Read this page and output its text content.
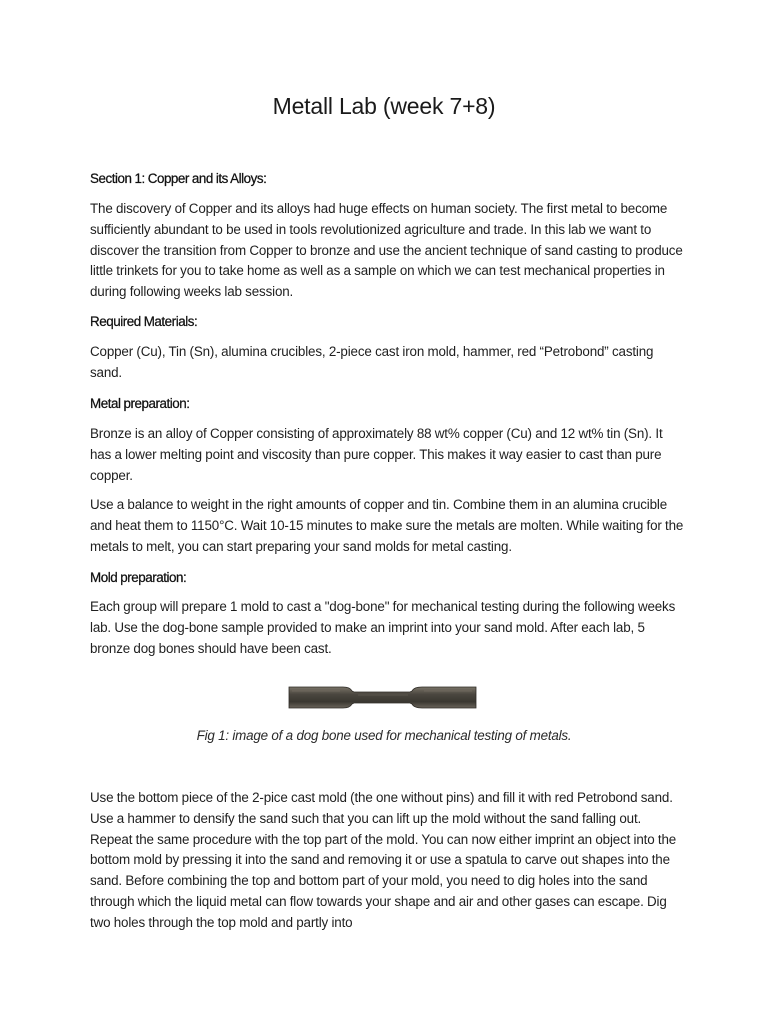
Metall Lab (week 7+8)

Section 1: Copper and its Alloys:

The discovery of Copper and its alloys had huge effects on human society. The first metal to become sufficiently abundant to be used in tools revolutionized agriculture and trade. In this lab we want to discover the transition from Copper to bronze and use the ancient technique of sand casting to produce little trinkets for you to take home as well as a sample on which we can test mechanical properties in during following weeks lab session.

Required Materials:

Copper (Cu), Tin (Sn), alumina crucibles, 2-piece cast iron mold, hammer, red “Petrobond” casting sand.

Metal preparation:

Bronze is an alloy of Copper consisting of approximately 88 wt% copper (Cu) and 12 wt% tin (Sn). It has a lower melting point and viscosity than pure copper. This makes it way easier to cast than pure copper.

Use a balance to weight in the right amounts of copper and tin. Combine them in an alumina crucible and heat them to 1150°C. Wait 10-15 minutes to make sure the metals are molten. While waiting for the metals to melt, you can start preparing your sand molds for metal casting.

Mold preparation:

Each group will prepare 1 mold to cast a "dog-bone" for mechanical testing during the following weeks lab. Use the dog-bone sample provided to make an imprint into your sand mold. After each lab, 5 bronze dog bones should have been cast.

Fig 1: image of a dog bone used for mechanical testing of metals.

Use the bottom piece of the 2-pice cast mold (the one without pins) and fill it with red Petrobond sand. Use a hammer to densify the sand such that you can lift up the mold without the sand falling out. Repeat the same procedure with the top part of the mold. You can now either imprint an object into the bottom mold by pressing it into the sand and removing it or use a spatula to carve out shapes into the sand. Before combining the top and bottom part of your mold, you need to dig holes into the sand through which the liquid metal can flow towards your shape and air and other gases can escape. Dig two holes through the top mold and partly into
